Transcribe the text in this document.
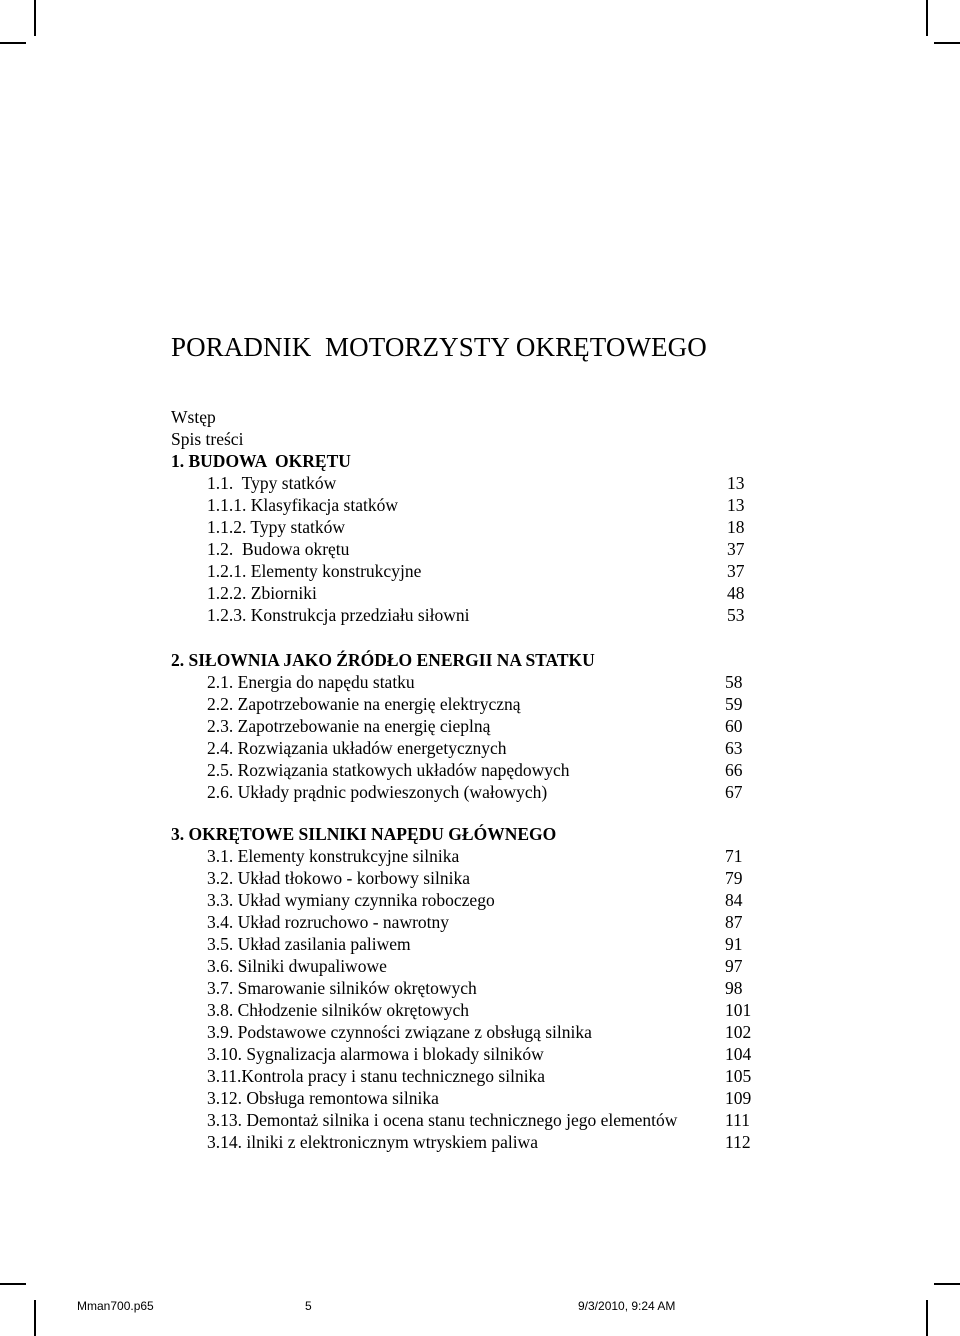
PORADNIK  MOTORZYSTY OKRĘTOWEGO
Wstęp
Spis treści
1. BUDOWA  OKRĘTU
1.1.  Typy statków	13
1.1.1. Klasyfikacja statków	13
1.1.2. Typy statków	18
1.2.  Budowa okrętu	37
1.2.1. Elementy konstrukcyjne	37
1.2.2. Zbiorniki	48
1.2.3. Konstrukcja przedziału siłowni	53
2. SIŁOWNIA JAKO ŹRÓDŁO ENERGII NA STATKU
2.1. Energia do napędu statku	58
2.2. Zapotrzebowanie na energię elektryczną	59
2.3. Zapotrzebowanie na energię cieplną	60
2.4. Rozwiązania układów energetycznych	63
2.5. Rozwiązania statkowych układów napędowych	66
2.6. Układy prądnic podwieszonych (wałowych)	67
3. OKRĘTOWE SILNIKI NAPĘDU GŁÓWNEGO
3.1. Elementy konstrukcyjne silnika	71
3.2. Układ tłokowo - korbowy silnika	79
3.3. Układ wymiany czynnika roboczego	84
3.4. Układ rozruchowo - nawrotny	87
3.5. Układ zasilania paliwem	91
3.6. Silniki dwupaliwowe	97
3.7. Smarowanie silników okrętowych	98
3.8. Chłodzenie silników okrętowych	101
3.9. Podstawowe czynności związane z obsługą silnika	102
3.10. Sygnalizacja alarmowa i blokady silników	104
3.11.Kontrola pracy i stanu technicznego silnika	105
3.12. Obsługa remontowa silnika	109
3.13. Demontaż silnika i ocena stanu technicznego jego elementów	111
3.14. ilniki z elektronicznym wtryskiem paliwa	112
Mman700.p65	5	9/3/2010, 9:24 AM
